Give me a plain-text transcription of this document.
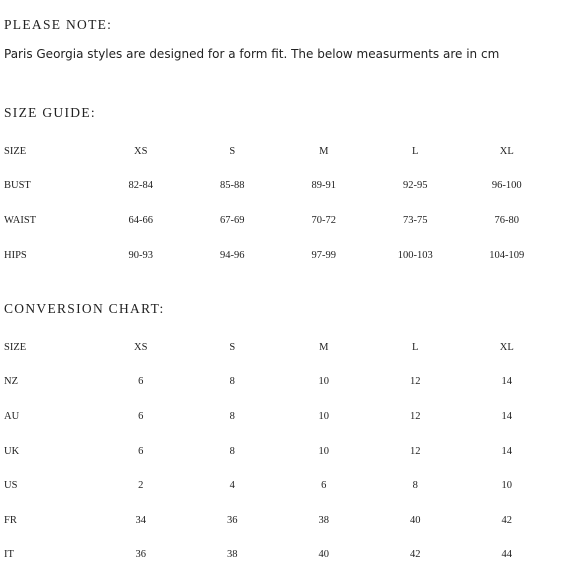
PLEASE NOTE:
Paris Georgia styles are designed for a form fit. The below measurments are in cm
SIZE GUIDE:
SIZE	XS	S	M	L	XL
BUST	82-84	85-88	89-91	92-95	96-100
WAIST	64-66	67-69	70-72	73-75	76-80
HIPS	90-93	94-96	97-99	100-103	104-109
CONVERSION CHART:
SIZE	XS	S	M	L	XL
NZ	6	8	10	12	14
AU	6	8	10	12	14
UK	6	8	10	12	14
US	2	4	6	8	10
FR	34	36	38	40	42
IT	36	38	40	42	44
